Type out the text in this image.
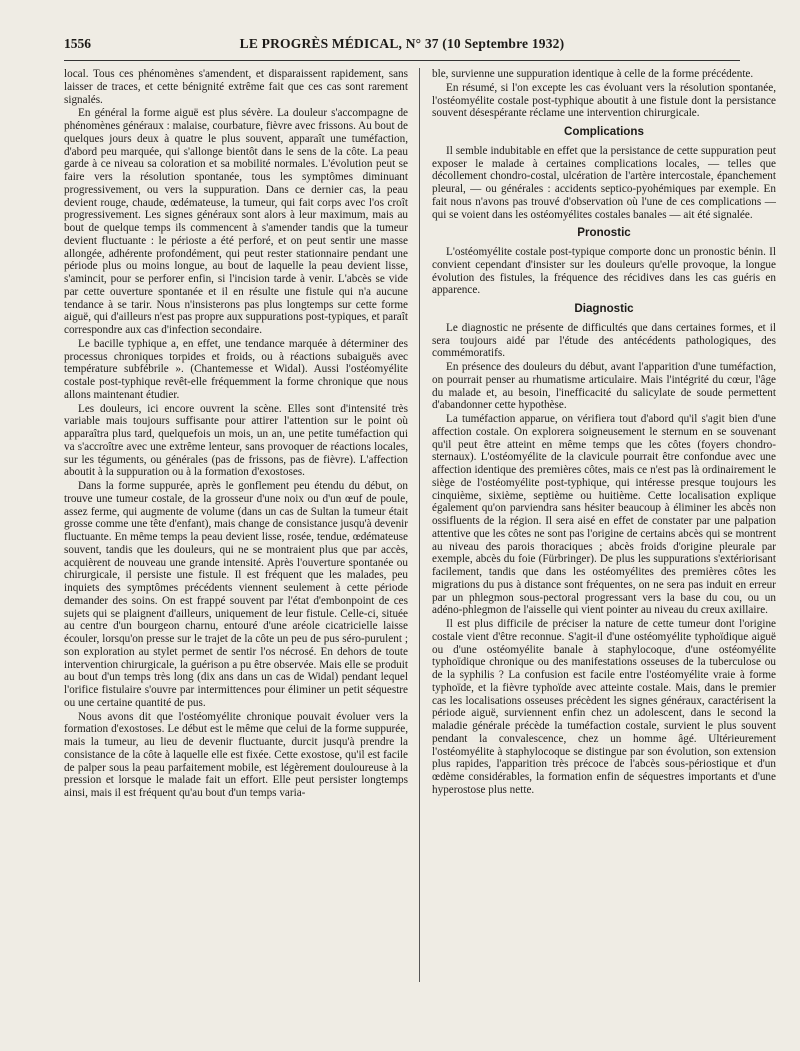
1556	LE PROGRÈS MÉDICAL, N° 37 (10 Septembre 1932)

local. Tous ces phénomènes s'amendent, et disparaissent rapidement, sans laisser de traces, et cette bénignité extrême fait que ces cas sont rarement signalés.

En général la forme aiguë est plus sévère. La douleur s'accompagne de phénomènes généraux : malaise, courbature, fièvre avec frissons. Au bout de quelques jours deux à quatre le plus souvent, apparaît une tuméfaction, d'abord peu marquée, qui s'allonge bientôt dans le sens de la côte. La peau garde à ce niveau sa coloration et sa mobilité normales. L'évolution peut se faire vers la résolution spontanée, tous les symptômes diminuant progressivement, ou vers la suppuration. Dans ce dernier cas, la peau devient rouge, chaude, œdémateuse, la tumeur, qui fait corps avec l'os croît progressivement. Les signes généraux sont alors à leur maximum, mais au bout de quelque temps ils commencent à s'amender tandis que la tumeur devient fluctuante : le périoste a été perforé, et on peut sentir une masse allongée, adhérente profondément, qui peut rester stationnaire pendant une période plus ou moins longue, au bout de laquelle la peau devient lisse, s'amincit, pour se perforer enfin, si l'incision tarde à venir. L'abcès se vide par cette ouverture spontanée et il en résulte une fistule qui n'a aucune tendance à se tarir. Nous n'insisterons pas plus longtemps sur cette forme aiguë, qui d'ailleurs n'est pas propre aux suppurations post-typiques, et paraît correspondre aux cas d'infection secondaire.

Le bacille typhique a, en effet, une tendance marquée à déterminer des processus chroniques torpides et froids, ou à réactions subaiguës avec température subfébrile ». (Chantemesse et Widal). Aussi l'ostéomyélite costale post-typhique revêt-elle fréquemment la forme chronique que nous allons maintenant étudier.

Les douleurs, ici encore ouvrent la scène. Elles sont d'intensité très variable mais toujours suffisante pour attirer l'attention sur le point où apparaîtra plus tard, quelquefois un mois, un an, une petite tuméfaction qui va s'accroître avec une extrême lenteur, sans provoquer de réactions locales, sur les téguments, ou générales (pas de frissons, pas de fièvre). L'affection aboutit à la suppuration ou à la formation d'exostoses.

Dans la forme suppurée, après le gonflement peu étendu du début, on trouve une tumeur costale, de la grosseur d'une noix ou d'un œuf de poule, assez ferme, qui augmente de volume (dans un cas de Sultan la tumeur était grosse comme une tête d'enfant), mais change de consistance jusqu'à devenir fluctuante. En même temps la peau devient lisse, rosée, tendue, œdémateuse souvent, tandis que les douleurs, qui ne se montraient plus que par accès, acquièrent de nouveau une grande intensité. Après l'ouverture spontanée ou chirurgicale, il persiste une fistule. Il est fréquent que les malades, peu inquiets des symptômes précédents viennent seulement à cette période demander des soins. On est frappé souvent par l'état d'embonpoint de ces sujets qui se plaignent d'ailleurs, uniquement de leur fistule. Celle-ci, située au centre d'un bourgeon charnu, entouré d'une aréole cicatricielle laisse écouler, lorsqu'on presse sur le trajet de la côte un peu de pus séro-purulent ; son exploration au stylet permet de sentir l'os nécrosé. En dehors de toute intervention chirurgicale, la guérison a pu être observée. Mais elle se produit au bout d'un temps très long (dix ans dans un cas de Widal) pendant lequel l'orifice fistulaire s'ouvre par intermittences pour éliminer un petit séquestre ou une certaine quantité de pus.

Nous avons dit que l'ostéomyélite chronique pouvait évoluer vers la formation d'exostoses. Le début est le même que celui de la forme suppurée, mais la tumeur, au lieu de devenir fluctuante, durcit jusqu'à prendre la consistance de la côte à laquelle elle est fixée. Cette exostose, qu'il est facile de palper sous la peau parfaitement mobile, est légèrement douloureuse à la pression et lorsque le malade fait un effort. Elle peut persister longtemps ainsi, mais il est fréquent qu'au bout d'un temps varia-

ble, survienne une suppuration identique à celle de la forme précédente.

En résumé, si l'on excepte les cas évoluant vers la résolution spontanée, l'ostéomyélite costale post-typhique aboutit à une fistule dont la persistance souvent désespérante réclame une intervention chirurgicale.

Complications

Il semble indubitable en effet que la persistance de cette suppuration peut exposer le malade à certaines complications locales, — telles que décollement chondro-costal, ulcération de l'artère intercostale, épanchement pleural, — ou générales : accidents septico-pyohémiques par exemple. En fait nous n'avons pas trouvé d'observation où l'une de ces complications — qui se voient dans les ostéomyélites costales banales — ait été signalée.

Pronostic

L'ostéomyélite costale post-typique comporte donc un pronostic bénin. Il convient cependant d'insister sur les douleurs qu'elle provoque, la longue évolution des fistules, la fréquence des récidives dans les cas guéris en apparence.

Diagnostic

Le diagnostic ne présente de difficultés que dans certaines formes, et il sera toujours aidé par l'étude des antécédents pathologiques, des commémoratifs.

En présence des douleurs du début, avant l'apparition d'une tuméfaction, on pourrait penser au rhumatisme articulaire. Mais l'intégrité du cœur, l'âge du malade et, au besoin, l'inefficacité du salicylate de soude permettent d'abandonner cette hypothèse.

La tuméfaction apparue, on vérifiera tout d'abord qu'il s'agit bien d'une affection costale. On explorera soigneusement le sternum en se souvenant qu'il peut être atteint en même temps que les côtes (foyers chondro-sternaux). L'ostéomyélite de la clavicule pourrait être confondue avec une affection identique des premières côtes, mais ce n'est pas là ordinairement le siège de l'ostéomyélite post-typhique, qui intéresse presque toujours les cinquième, sixième, septième ou huitième. Cette localisation explique également qu'on parviendra sans hésiter beaucoup à éliminer les abcès non ossifluents de la région. Il sera aisé en effet de constater par une palpation attentive que les côtes ne sont pas l'origine de certains abcès qui se montrent au niveau des parois thoraciques ; abcès froids d'origine pleurale par exemple, abcès du foie (Fürbringer). De plus les suppurations s'extériorisant facilement, tandis que dans les ostéomyélites des premières côtes les migrations du pus à distance sont fréquentes, on ne sera pas induit en erreur par un phlegmon sous-pectoral progressant vers la base du cou, ou un adéno-phlegmon de l'aisselle qui vient pointer au niveau du creux axillaire.

Il est plus difficile de préciser la nature de cette tumeur dont l'origine costale vient d'être reconnue. S'agit-il d'une ostéomyélite typhoïdique aiguë ou d'une ostéomyélite banale à staphylocoque, d'une ostéomyélite typhoïdique chronique ou des manifestations osseuses de la tuberculose ou de la syphilis ? La confusion est facile entre l'ostéomyélite vraie à forme typhoïde, et la fièvre typhoïde avec atteinte costale. Mais, dans le premier cas les localisations osseuses précèdent les signes généraux, caractérisent la période aiguë, surviennent enfin chez un adolescent, dans le second la maladie générale précède la tuméfaction costale, survient le plus souvent pendant la convalescence, chez un homme âgé. Ultérieurement l'ostéomyélite à staphylocoque se distingue par son évolution, son extension plus rapides, l'apparition très précoce de l'abcès sous-périostique et d'un œdème considérables, la formation enfin de séquestres importants et d'une hyperostose plus nette.
